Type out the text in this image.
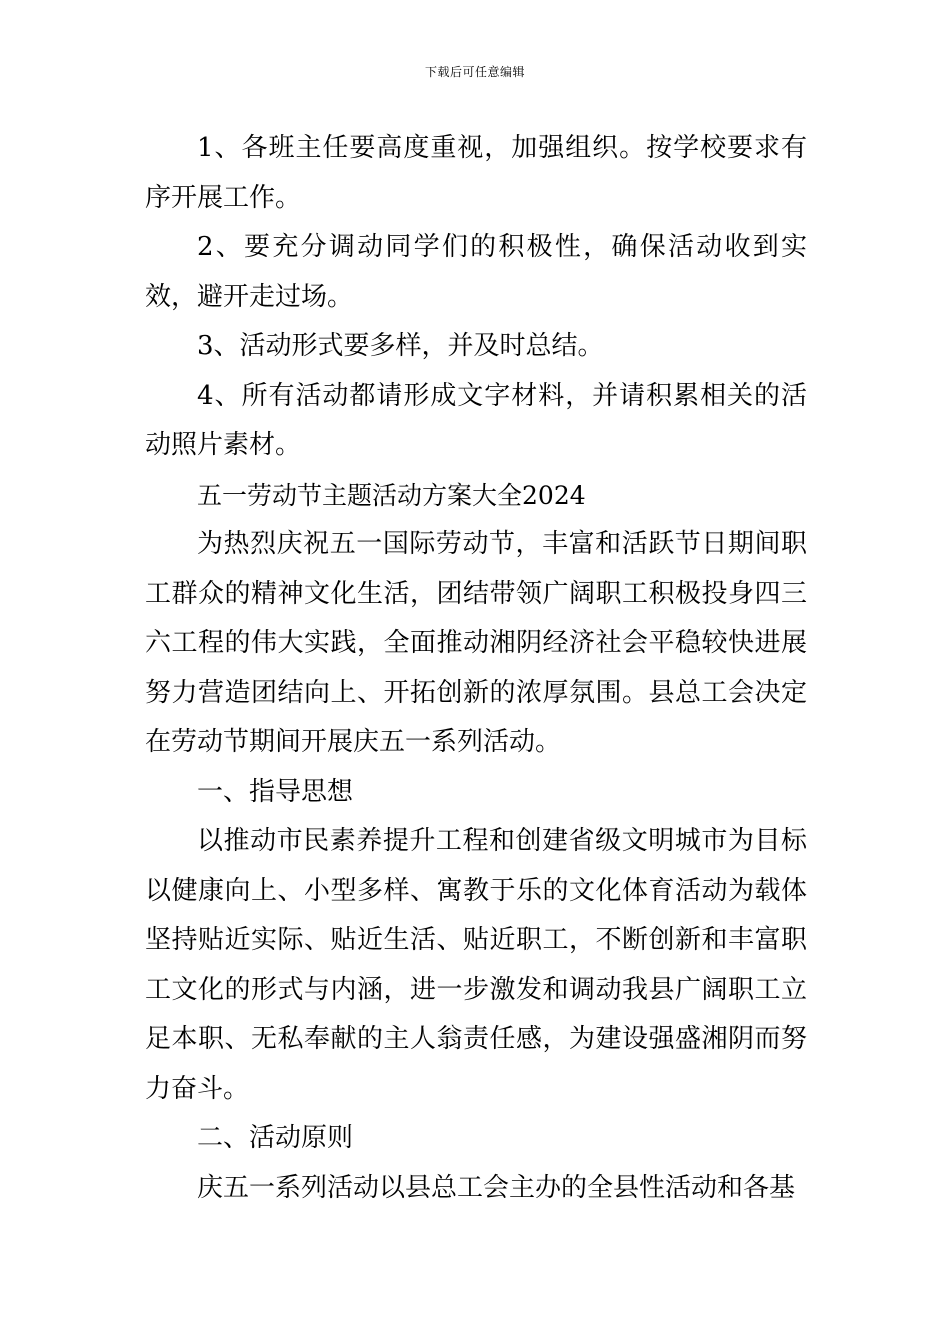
下载后可任意编辑

1、各班主任要高度重视，加强组织。按学校要求有序开展工作。

2、要充分调动同学们的积极性，确保活动收到实效，避开走过场。

3、活动形式要多样，并及时总结。

4、所有活动都请形成文字材料，并请积累相关的活动照片素材。

五一劳动节主题活动方案大全2024

为热烈庆祝五一国际劳动节，丰富和活跃节日期间职工群众的精神文化生活，团结带领广阔职工积极投身四三六工程的伟大实践，全面推动湘阴经济社会平稳较快进展努力营造团结向上、开拓创新的浓厚氛围。县总工会决定在劳动节期间开展庆五一系列活动。

一、指导思想

以推动市民素养提升工程和创建省级文明城市为目标以健康向上、小型多样、寓教于乐的文化体育活动为载体坚持贴近实际、贴近生活、贴近职工，不断创新和丰富职工文化的形式与内涵，进一步激发和调动我县广阔职工立足本职、无私奉献的主人翁责任感，为建设强盛湘阴而努力奋斗。

二、活动原则

庆五一系列活动以县总工会主办的全县性活动和各基
